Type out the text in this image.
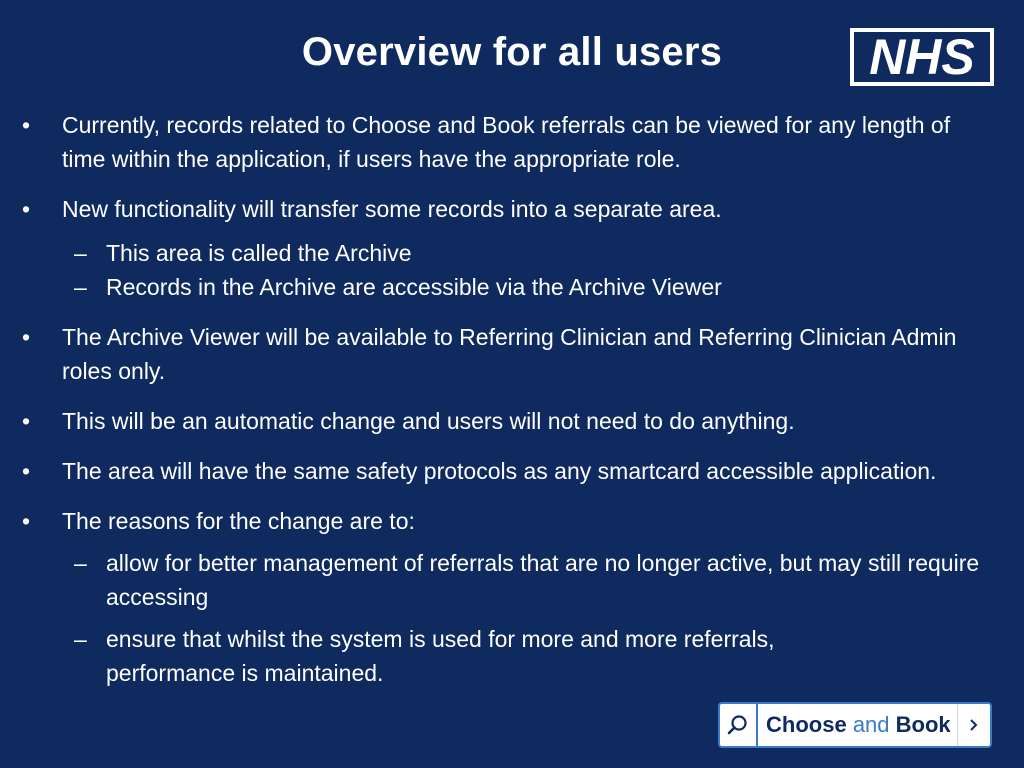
Overview for all users	NHS
•	Currently, records related to Choose and Book referrals can be viewed for any length of time within the application, if users have the appropriate role.
•	New functionality will transfer some records into a separate area.
– This area is called the Archive
– Records in the Archive are accessible via the Archive Viewer
•	The Archive Viewer will be available to Referring Clinician and Referring Clinician Admin roles only.
•	This will be an automatic change and users will not need to do anything.
•	The area will have the same safety protocols as any smartcard accessible application.
•	The reasons for the change are to:
– allow for better management of referrals that are no longer active, but may still require accessing
– ensure that whilst the system is used for more and more referrals, performance is maintained.
Choose and Book
